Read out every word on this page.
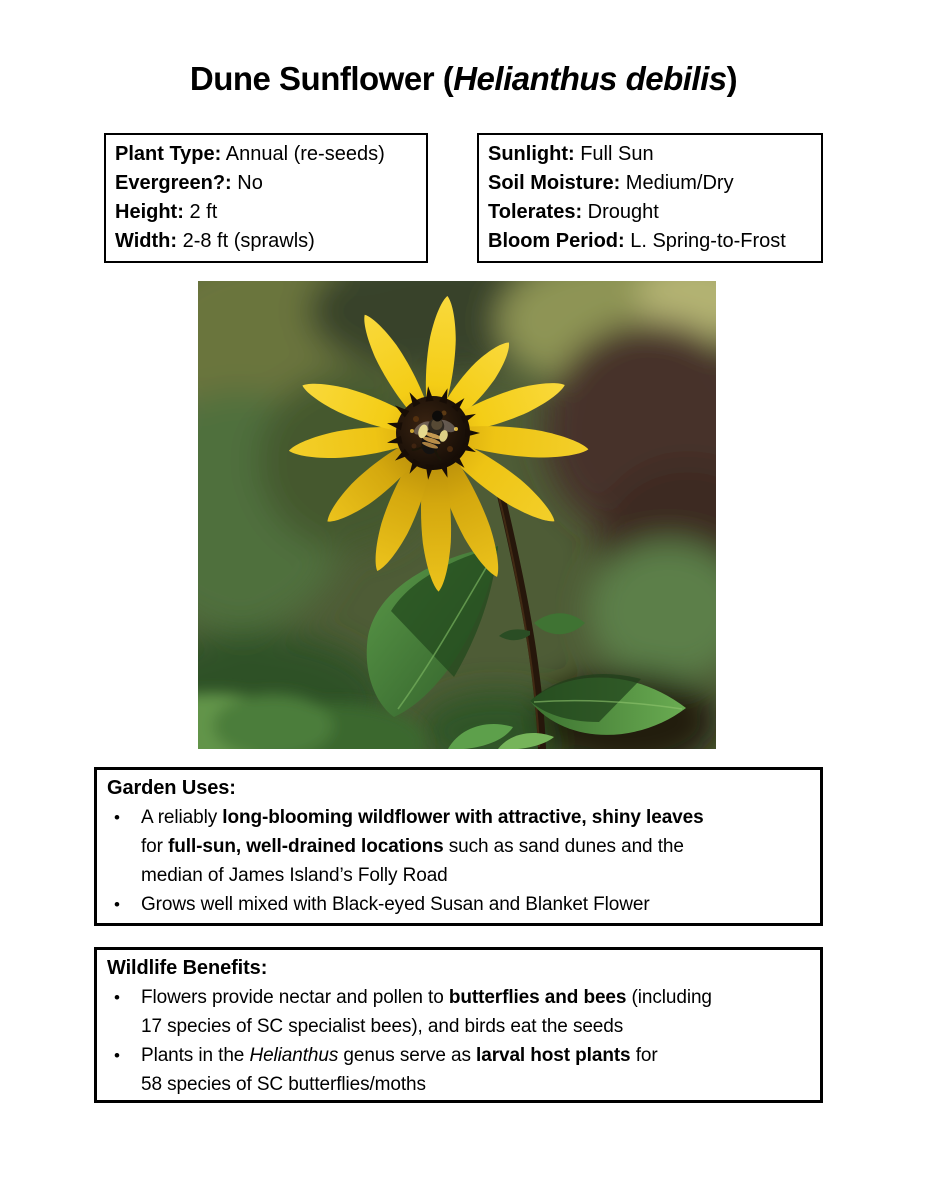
Dune Sunflower (Helianthus debilis)
Plant Type: Annual (re-seeds)
Evergreen?: No
Height: 2 ft
Width: 2-8 ft (sprawls)
Sunlight: Full Sun
Soil Moisture: Medium/Dry
Tolerates: Drought
Bloom Period: L. Spring-to-Frost
Garden Uses:
•	A reliably long-blooming wildflower with attractive, shiny leaves
for full-sun, well-drained locations such as sand dunes and the
median of James Island’s Folly Road
•	Grows well mixed with Black-eyed Susan and Blanket Flower
Wildlife Benefits:
•	Flowers provide nectar and pollen to butterflies and bees (including
17 species of SC specialist bees), and birds eat the seeds
•	Plants in the Helianthus genus serve as larval host plants for
58 species of SC butterflies/moths
